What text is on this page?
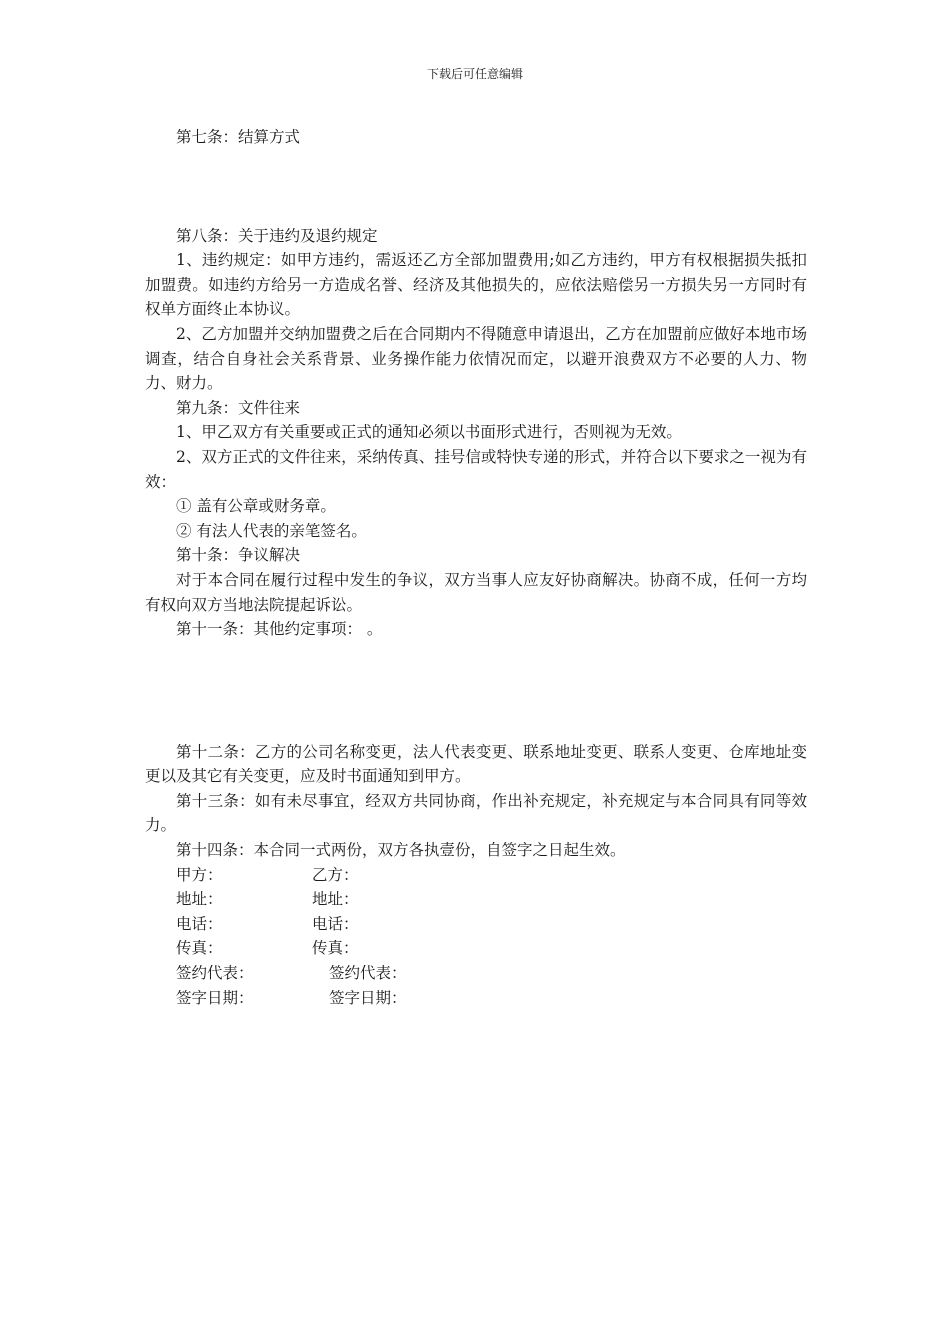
下载后可任意编辑

第七条：结算方式

第八条：关于违约及退约规定

1、违约规定：如甲方违约，需返还乙方全部加盟费用;如乙方违约，甲方有权根据损失抵扣加盟费。如违约方给另一方造成名誉、经济及其他损失的，应依法赔偿另一方损失另一方同时有权单方面终止本协议。

2、乙方加盟并交纳加盟费之后在合同期内不得随意申请退出，乙方在加盟前应做好本地市场调查，结合自身社会关系背景、业务操作能力依情况而定，以避开浪费双方不必要的人力、物力、财力。

第九条：文件往来

1、甲乙双方有关重要或正式的通知必须以书面形式进行，否则视为无效。

2、双方正式的文件往来，采纳传真、挂号信或特快专递的形式，并符合以下要求之一视为有效：

① 盖有公章或财务章。

② 有法人代表的亲笔签名。

第十条：争议解决

对于本合同在履行过程中发生的争议，双方当事人应友好协商解决。协商不成，任何一方均有权向双方当地法院提起诉讼。

第十一条：其他约定事项： 。

第十二条：乙方的公司名称变更，法人代表变更、联系地址变更、联系人变更、仓库地址变更以及其它有关变更，应及时书面通知到甲方。

第十三条：如有未尽事宜，经双方共同协商，作出补充规定，补充规定与本合同具有同等效力。

第十四条：本合同一式两份，双方各执壹份，自签字之日起生效。

甲方：	乙方：
地址：	地址：
电话：	电话：
传真：	传真：
签约代表：	签约代表：
签字日期：	签字日期：
